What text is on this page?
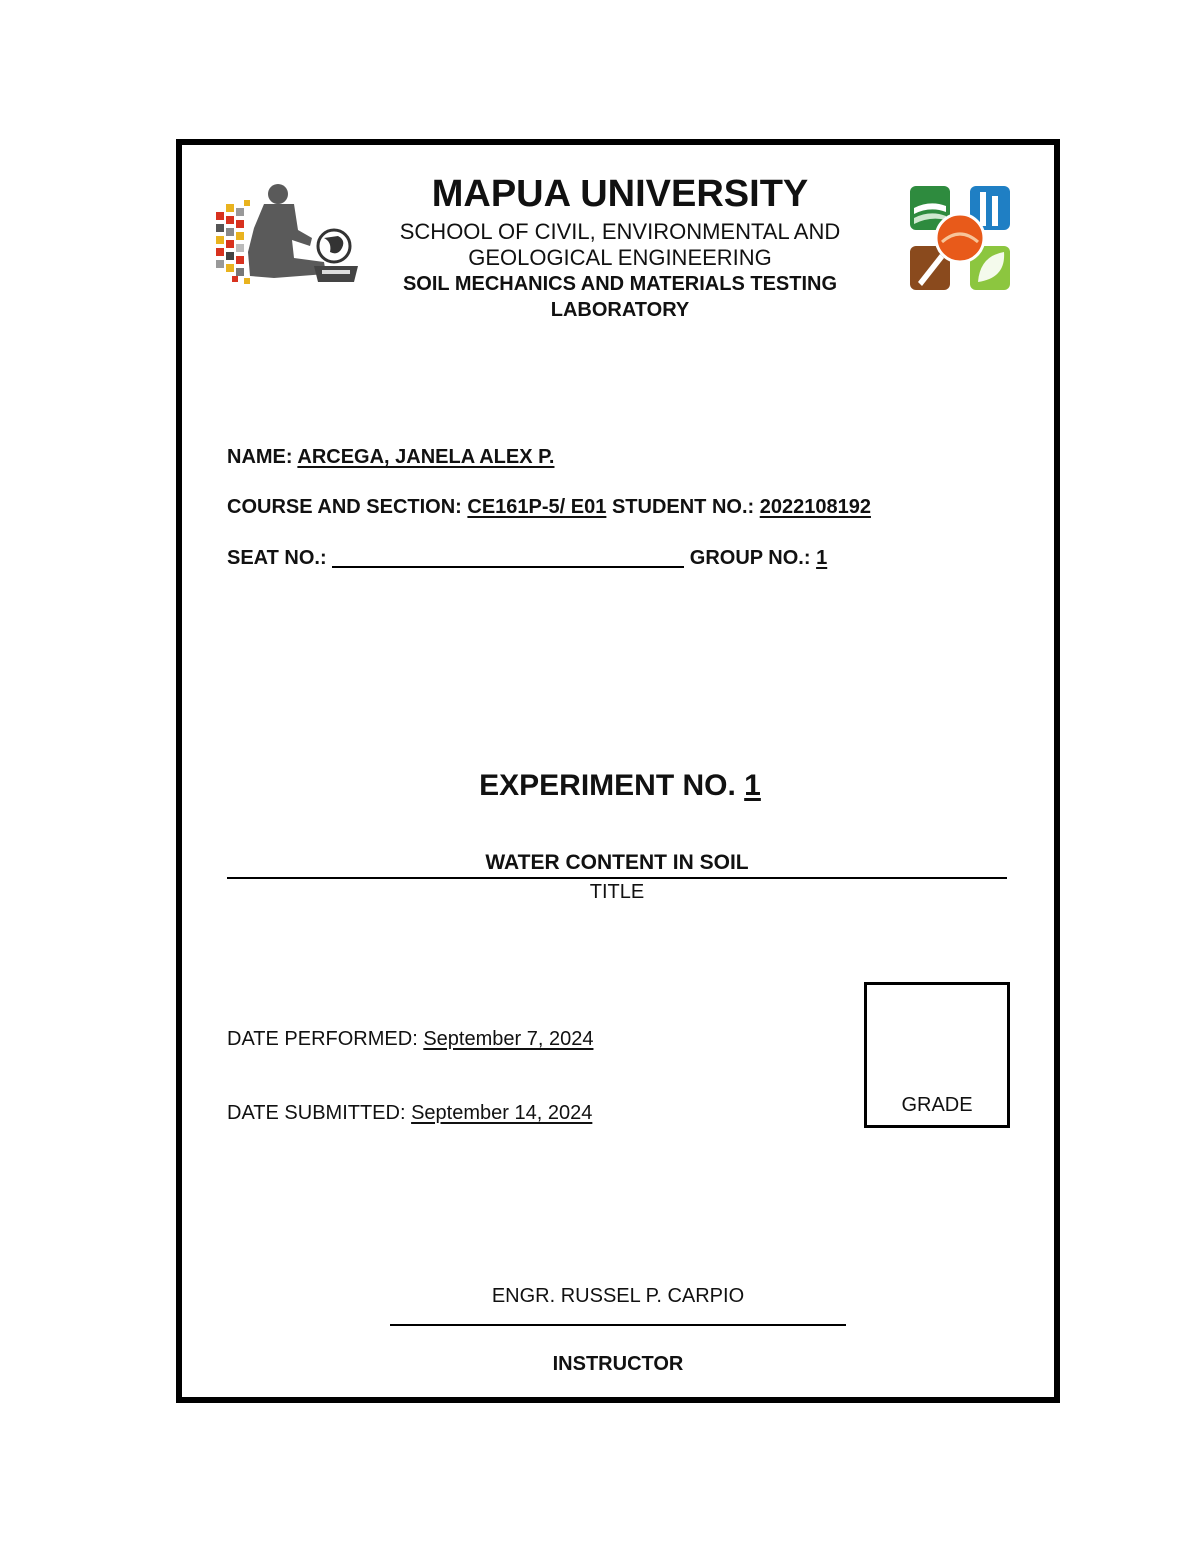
MAPUA UNIVERSITY
SCHOOL OF CIVIL, ENVIRONMENTAL AND
GEOLOGICAL ENGINEERING
SOIL MECHANICS AND MATERIALS TESTING
LABORATORY
NAME: ARCEGA, JANELA ALEX P.
COURSE AND SECTION: CE161P-5/ E01 STUDENT NO.: 2022108192
SEAT NO.:	GROUP NO.: 1
EXPERIMENT NO. 1
WATER CONTENT IN SOIL
TITLE
DATE PERFORMED: September 7, 2024
DATE SUBMITTED: September 14, 2024	GRADE
ENGR. RUSSEL P. CARPIO
INSTRUCTOR
